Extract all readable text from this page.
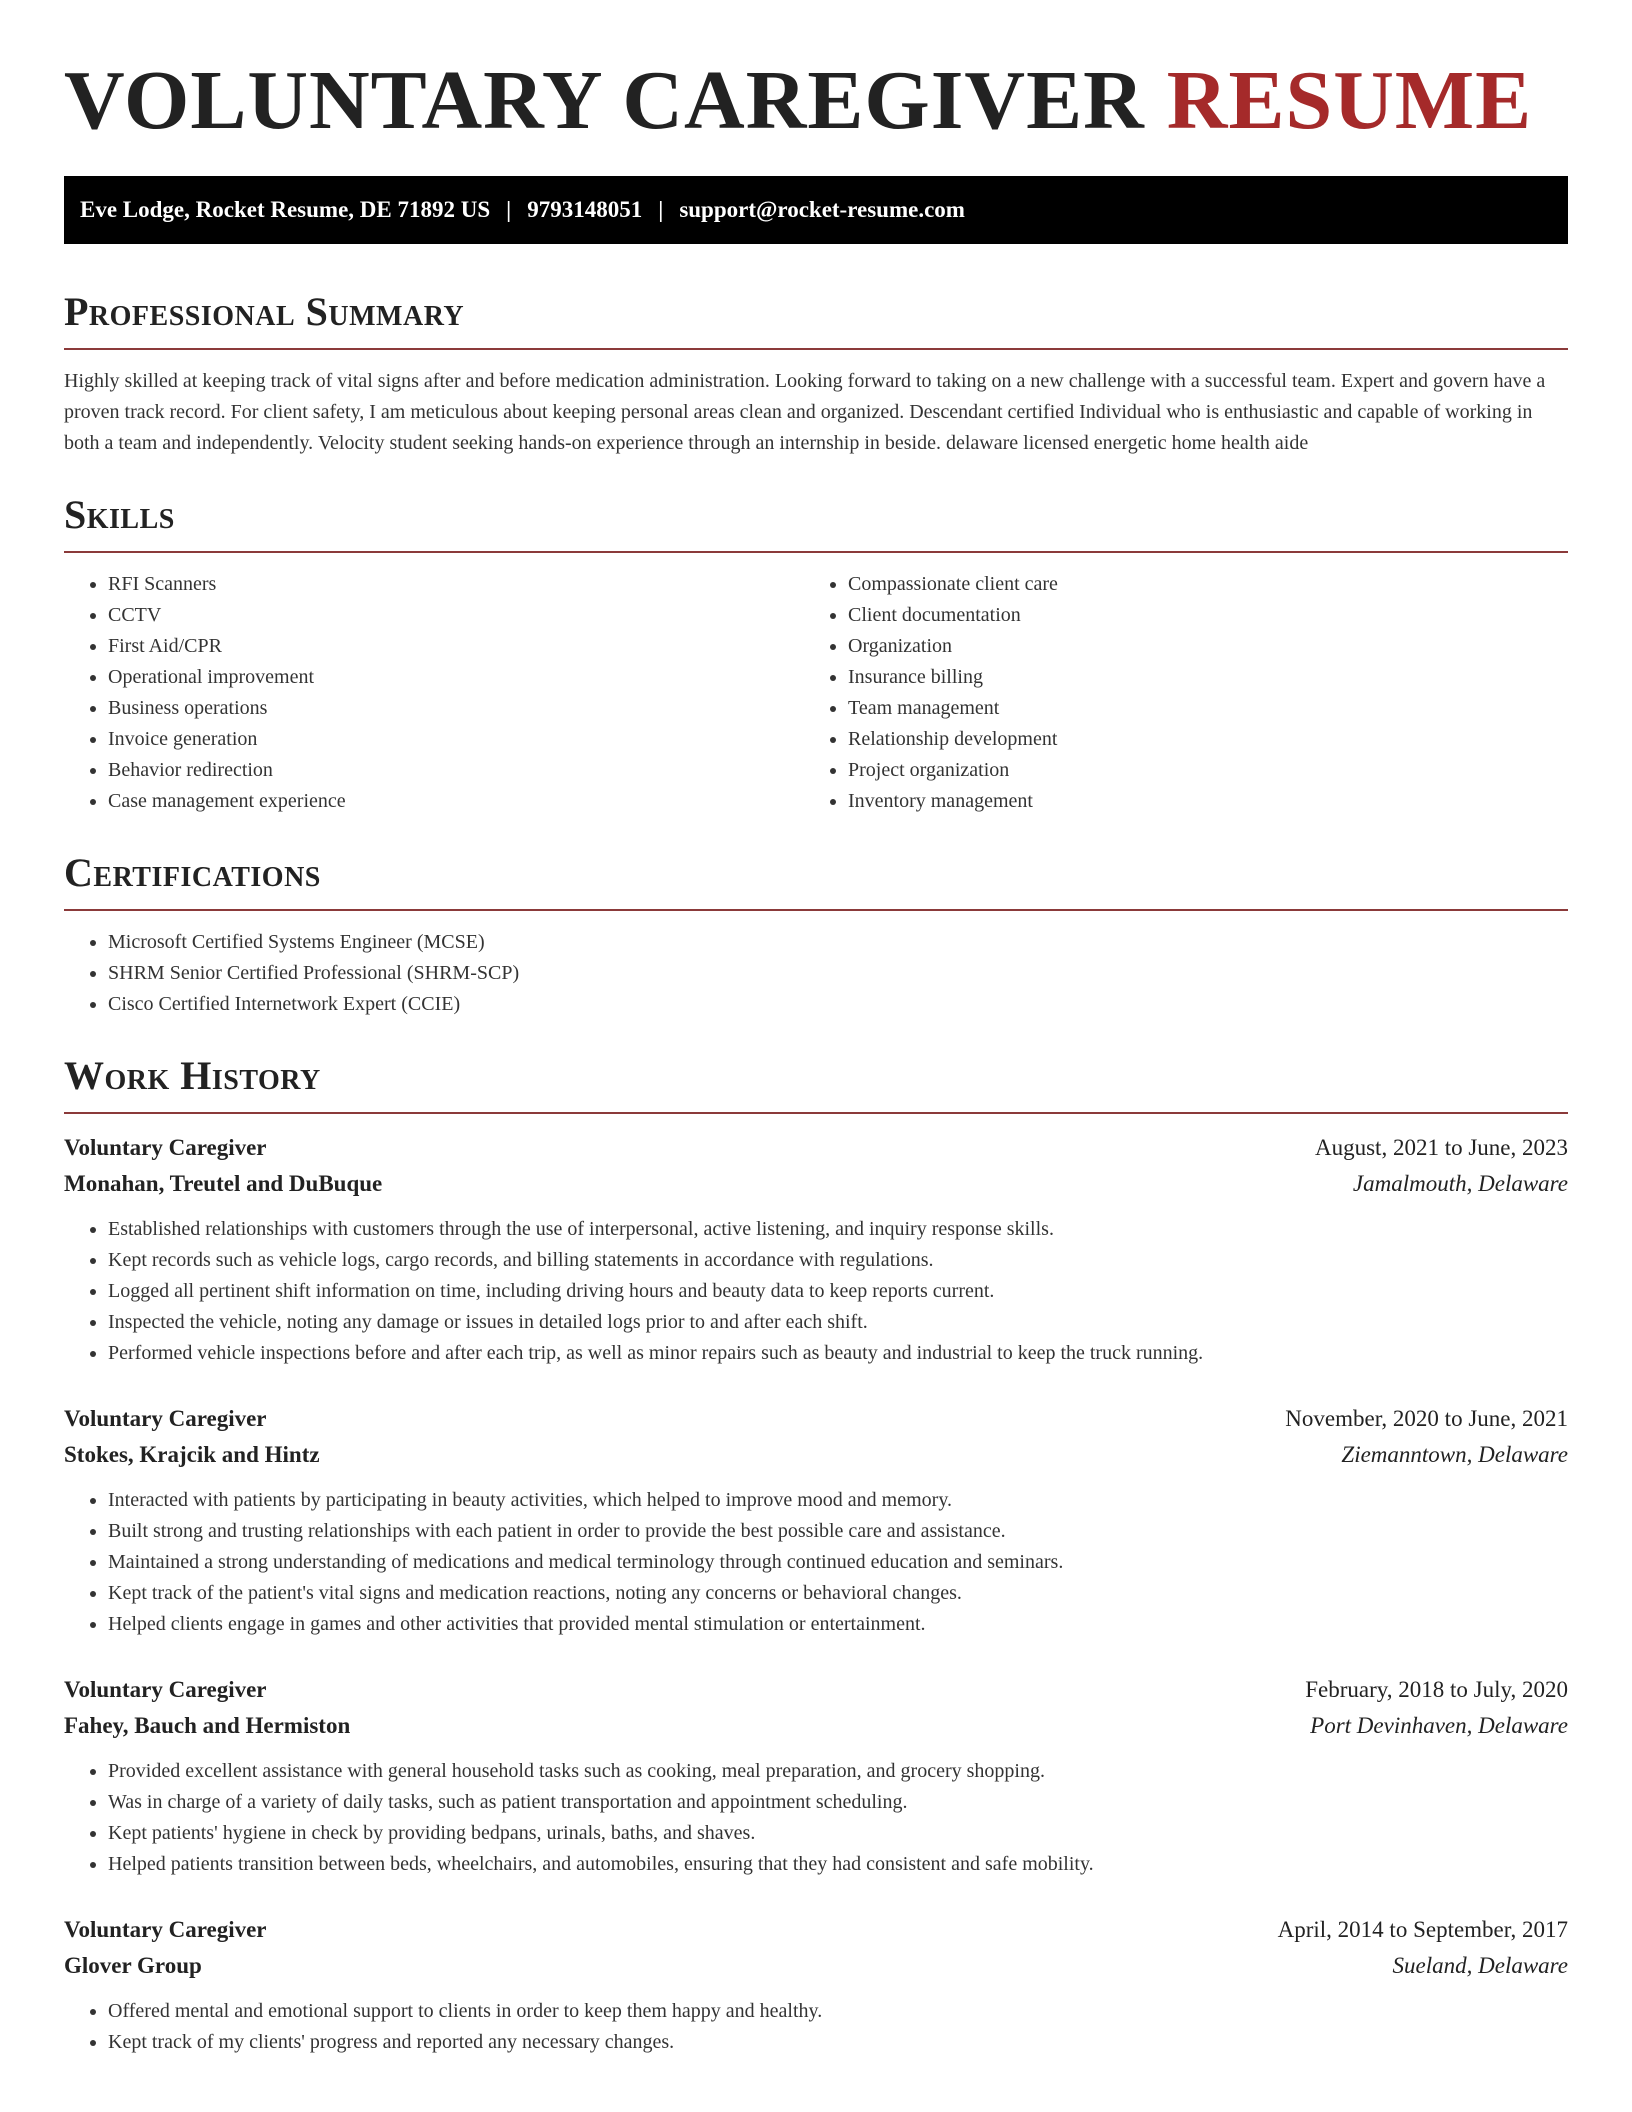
VOLUNTARY CAREGIVER RESUME
Eve Lodge, Rocket Resume, DE 71892 US | 9793148051 | support@rocket-resume.com
Professional Summary

Highly skilled at keeping track of vital signs after and before medication administration. Looking forward to taking on a new challenge with a successful team. Expert and govern have a proven track record. For client safety, I am meticulous about keeping personal areas clean and organized. Descendant certified Individual who is enthusiastic and capable of working in both a team and independently. Velocity student seeking hands-on experience through an internship in beside. delaware licensed energetic home health aide

Skills
• RFI Scanners
• CCTV
• First Aid/CPR
• Operational improvement
• Business operations
• Invoice generation
• Behavior redirection
• Case management experience
• Compassionate client care
• Client documentation
• Organization
• Insurance billing
• Team management
• Relationship development
• Project organization
• Inventory management
Certifications
• Microsoft Certified Systems Engineer (MCSE)
• SHRM Senior Certified Professional (SHRM-SCP)
• Cisco Certified Internetwork Expert (CCIE)
Work History
Voluntary Caregiver	August, 2021 to June, 2023
Monahan, Treutel and DuBuque	Jamalmouth, Delaware
• Established relationships with customers through the use of interpersonal, active listening, and inquiry response skills.
• Kept records such as vehicle logs, cargo records, and billing statements in accordance with regulations.
• Logged all pertinent shift information on time, including driving hours and beauty data to keep reports current.
• Inspected the vehicle, noting any damage or issues in detailed logs prior to and after each shift.
• Performed vehicle inspections before and after each trip, as well as minor repairs such as beauty and industrial to keep the truck running.
Voluntary Caregiver	November, 2020 to June, 2021
Stokes, Krajcik and Hintz	Ziemanntown, Delaware
• Interacted with patients by participating in beauty activities, which helped to improve mood and memory.
• Built strong and trusting relationships with each patient in order to provide the best possible care and assistance.
• Maintained a strong understanding of medications and medical terminology through continued education and seminars.
• Kept track of the patient's vital signs and medication reactions, noting any concerns or behavioral changes.
• Helped clients engage in games and other activities that provided mental stimulation or entertainment.
Voluntary Caregiver	February, 2018 to July, 2020
Fahey, Bauch and Hermiston	Port Devinhaven, Delaware
• Provided excellent assistance with general household tasks such as cooking, meal preparation, and grocery shopping.
• Was in charge of a variety of daily tasks, such as patient transportation and appointment scheduling.
• Kept patients' hygiene in check by providing bedpans, urinals, baths, and shaves.
• Helped patients transition between beds, wheelchairs, and automobiles, ensuring that they had consistent and safe mobility.
Voluntary Caregiver	April, 2014 to September, 2017
Glover Group	Sueland, Delaware
• Offered mental and emotional support to clients in order to keep them happy and healthy.
• Kept track of my clients' progress and reported any necessary changes.
